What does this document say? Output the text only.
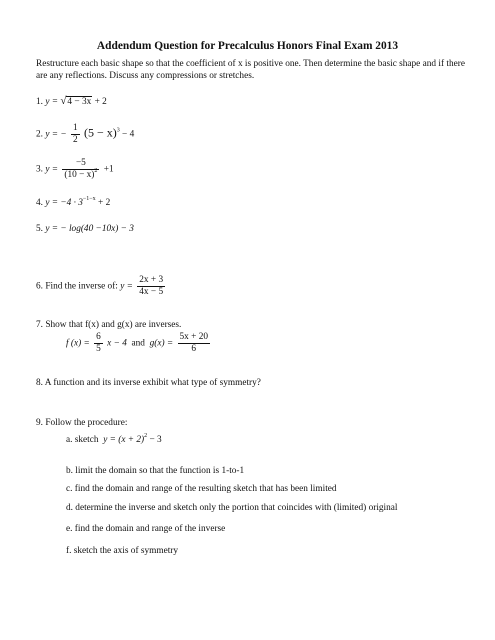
Addendum Question for Precalculus Honors Final Exam 2013
Restructure each basic shape so that the coefficient of x is positive one. Then determine the basic shape and if there are any reflections. Discuss any compressions or stretches.
1. y = √4 − 3x + 2
2. y = − $\frac{1}{2} (5 - x)^3 - 4$
3. $y = \frac{-5}{(10 - x)^2} +1$
4. $y = -4 \cdot 3^{-1-x} + 2$
5. y = − log(40 −10x) − 3
6. Find the inverse of: $y = \frac{2x + 3}{4x - 5}$
7. Show that f(x) and g(x) are inverses.
f $(x) = \frac{6}{5}$ x − 4 and $g(x) = \frac{5x + 20}{6}$
8. A function and its inverse exhibit what type of symmetry?
9. Follow the procedure:
a. sketch $y = (x + 2)^2 - 3$
b. limit the domain so that the function is 1-to-1
c. find the domain and range of the resulting sketch that has been limited
d. determine the inverse and sketch only the portion that coincides with (limited) original
e. find the domain and range of the inverse
f. sketch the axis of symmetry
